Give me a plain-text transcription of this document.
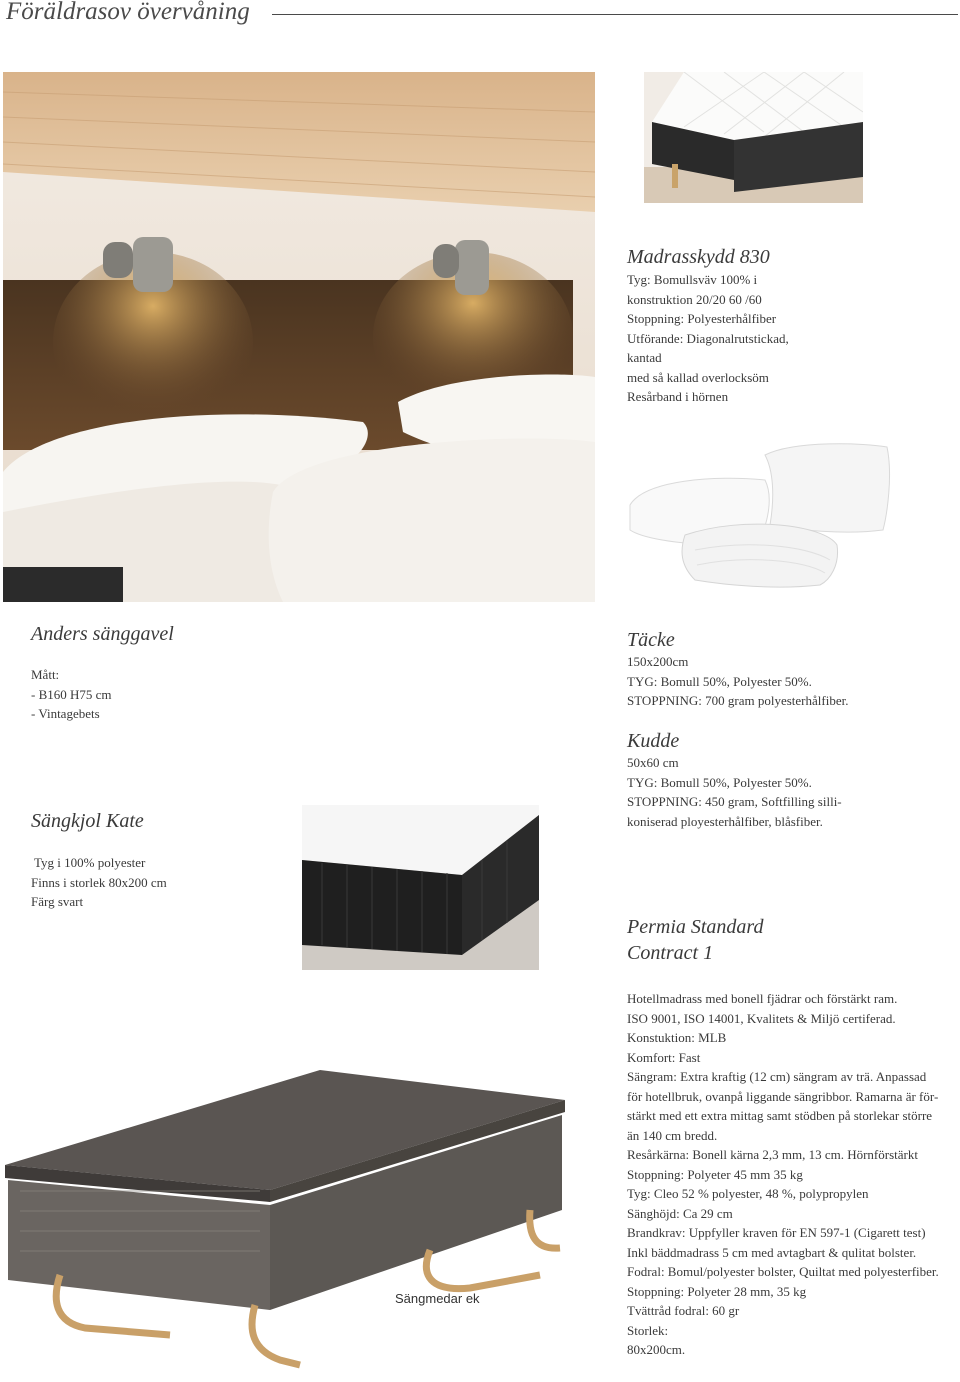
Föräldrasov övervåning
Madrasskydd 830
Tyg: Bomullsväv 100% i
konstruktion 20/20 60 /60
Stoppning: Polyesterhålfiber
Utförande: Diagonalrutstickad,
kantad
med så kallad overlocksöm
Resårband i hörnen
Anders sänggavel
Mått:
- B160 H75 cm
- Vintagebets
Täcke
150x200cm
TYG: Bomull 50%, Polyester 50%.
STOPPNING: 700 gram polyesterhålfiber.
Kudde
50x60 cm
TYG: Bomull 50%, Polyester 50%.
STOPPNING: 450 gram, Softfilling silli-
koniserad ployesterhålfiber, blåsfiber.
Sängkjol Kate
Tyg i 100% polyester
Finns i storlek 80x200 cm
Färg svart
Permia Standard
Contract 1
Hotellmadrass med bonell fjädrar och förstärkt ram.
ISO 9001, ISO 14001, Kvalitets & Miljö certiferad.
Konstuktion: MLB
Komfort: Fast
Sängram: Extra kraftig (12 cm) sängram av trä. Anpassad
för hotellbruk, ovanpå liggande sängribbor. Ramarna är för-
stärkt med ett extra mittag samt stödben på storlekar större
än 140 cm bredd.
Resårkärna: Bonell kärna 2,3 mm, 13 cm. Hörnförstärkt
Stoppning: Polyeter 45 mm 35 kg
Tyg: Cleo 52 % polyester, 48 %, polypropylen
Sänghöjd: Ca 29 cm
Brandkrav: Uppfyller kraven för EN 597-1 (Cigarett test)
Inkl bäddmadrass 5 cm med avtagbart & qulitat bolster.
Fodral: Bomul/polyester bolster, Quiltat med polyesterfiber.
Stoppning: Polyeter 28 mm, 35 kg
Tvättråd fodral: 60 gr
Storlek:
80x200cm.
Sängmedar ek
